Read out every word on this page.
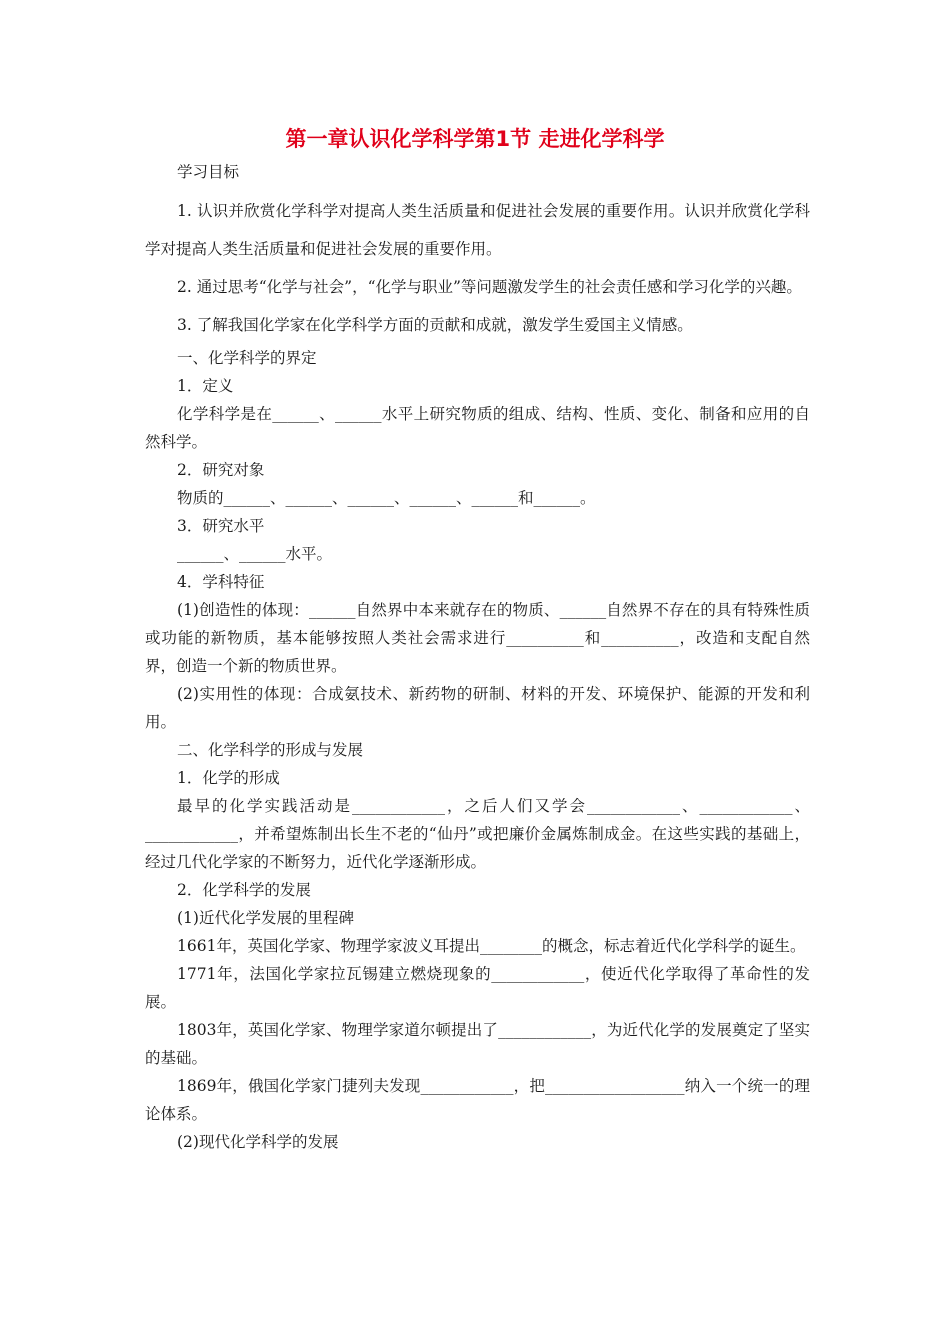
第一章认识化学科学第1节 走进化学科学

学习目标

1. 认识并欣赏化学科学对提高人类生活质量和促进社会发展的重要作用。认识并欣赏化学科学对提高人类生活质量和促进社会发展的重要作用。

2. 通过思考“化学与社会”，“化学与职业”等问题激发学生的社会责任感和学习化学的兴趣。

3. 了解我国化学家在化学科学方面的贡献和成就，激发学生爱国主义情感。

一、化学科学的界定

1．定义

化学科学是在______、______水平上研究物质的组成、结构、性质、变化、制备和应用的自然科学。

2．研究对象

物质的______、______、______、______、______和______。

3．研究水平

______、______水平。

4．学科特征

(1)创造性的体现：______自然界中本来就存在的物质、______自然界不存在的具有特殊性质或功能的新物质，基本能够按照人类社会需求进行__________和__________，改造和支配自然界，创造一个新的物质世界。

(2)实用性的体现：合成氨技术、新药物的研制、材料的开发、环境保护、能源的开发和利用。

二、化学科学的形成与发展

1．化学的形成

最早的化学实践活动是____________，之后人们又学会____________、____________、____________，并希望炼制出长生不老的“仙丹”或把廉价金属炼制成金。在这些实践的基础上，经过几代化学家的不断努力，近代化学逐渐形成。

2．化学科学的发展

(1)近代化学发展的里程碑

1661年，英国化学家、物理学家波义耳提出________的概念，标志着近代化学科学的诞生。

1771年，法国化学家拉瓦锡建立燃烧现象的____________，使近代化学取得了革命性的发展。

1803年，英国化学家、物理学家道尔顿提出了____________，为近代化学的发展奠定了坚实的基础。

1869年，俄国化学家门捷列夫发现____________，把__________________纳入一个统一的理论体系。

(2)现代化学科学的发展
